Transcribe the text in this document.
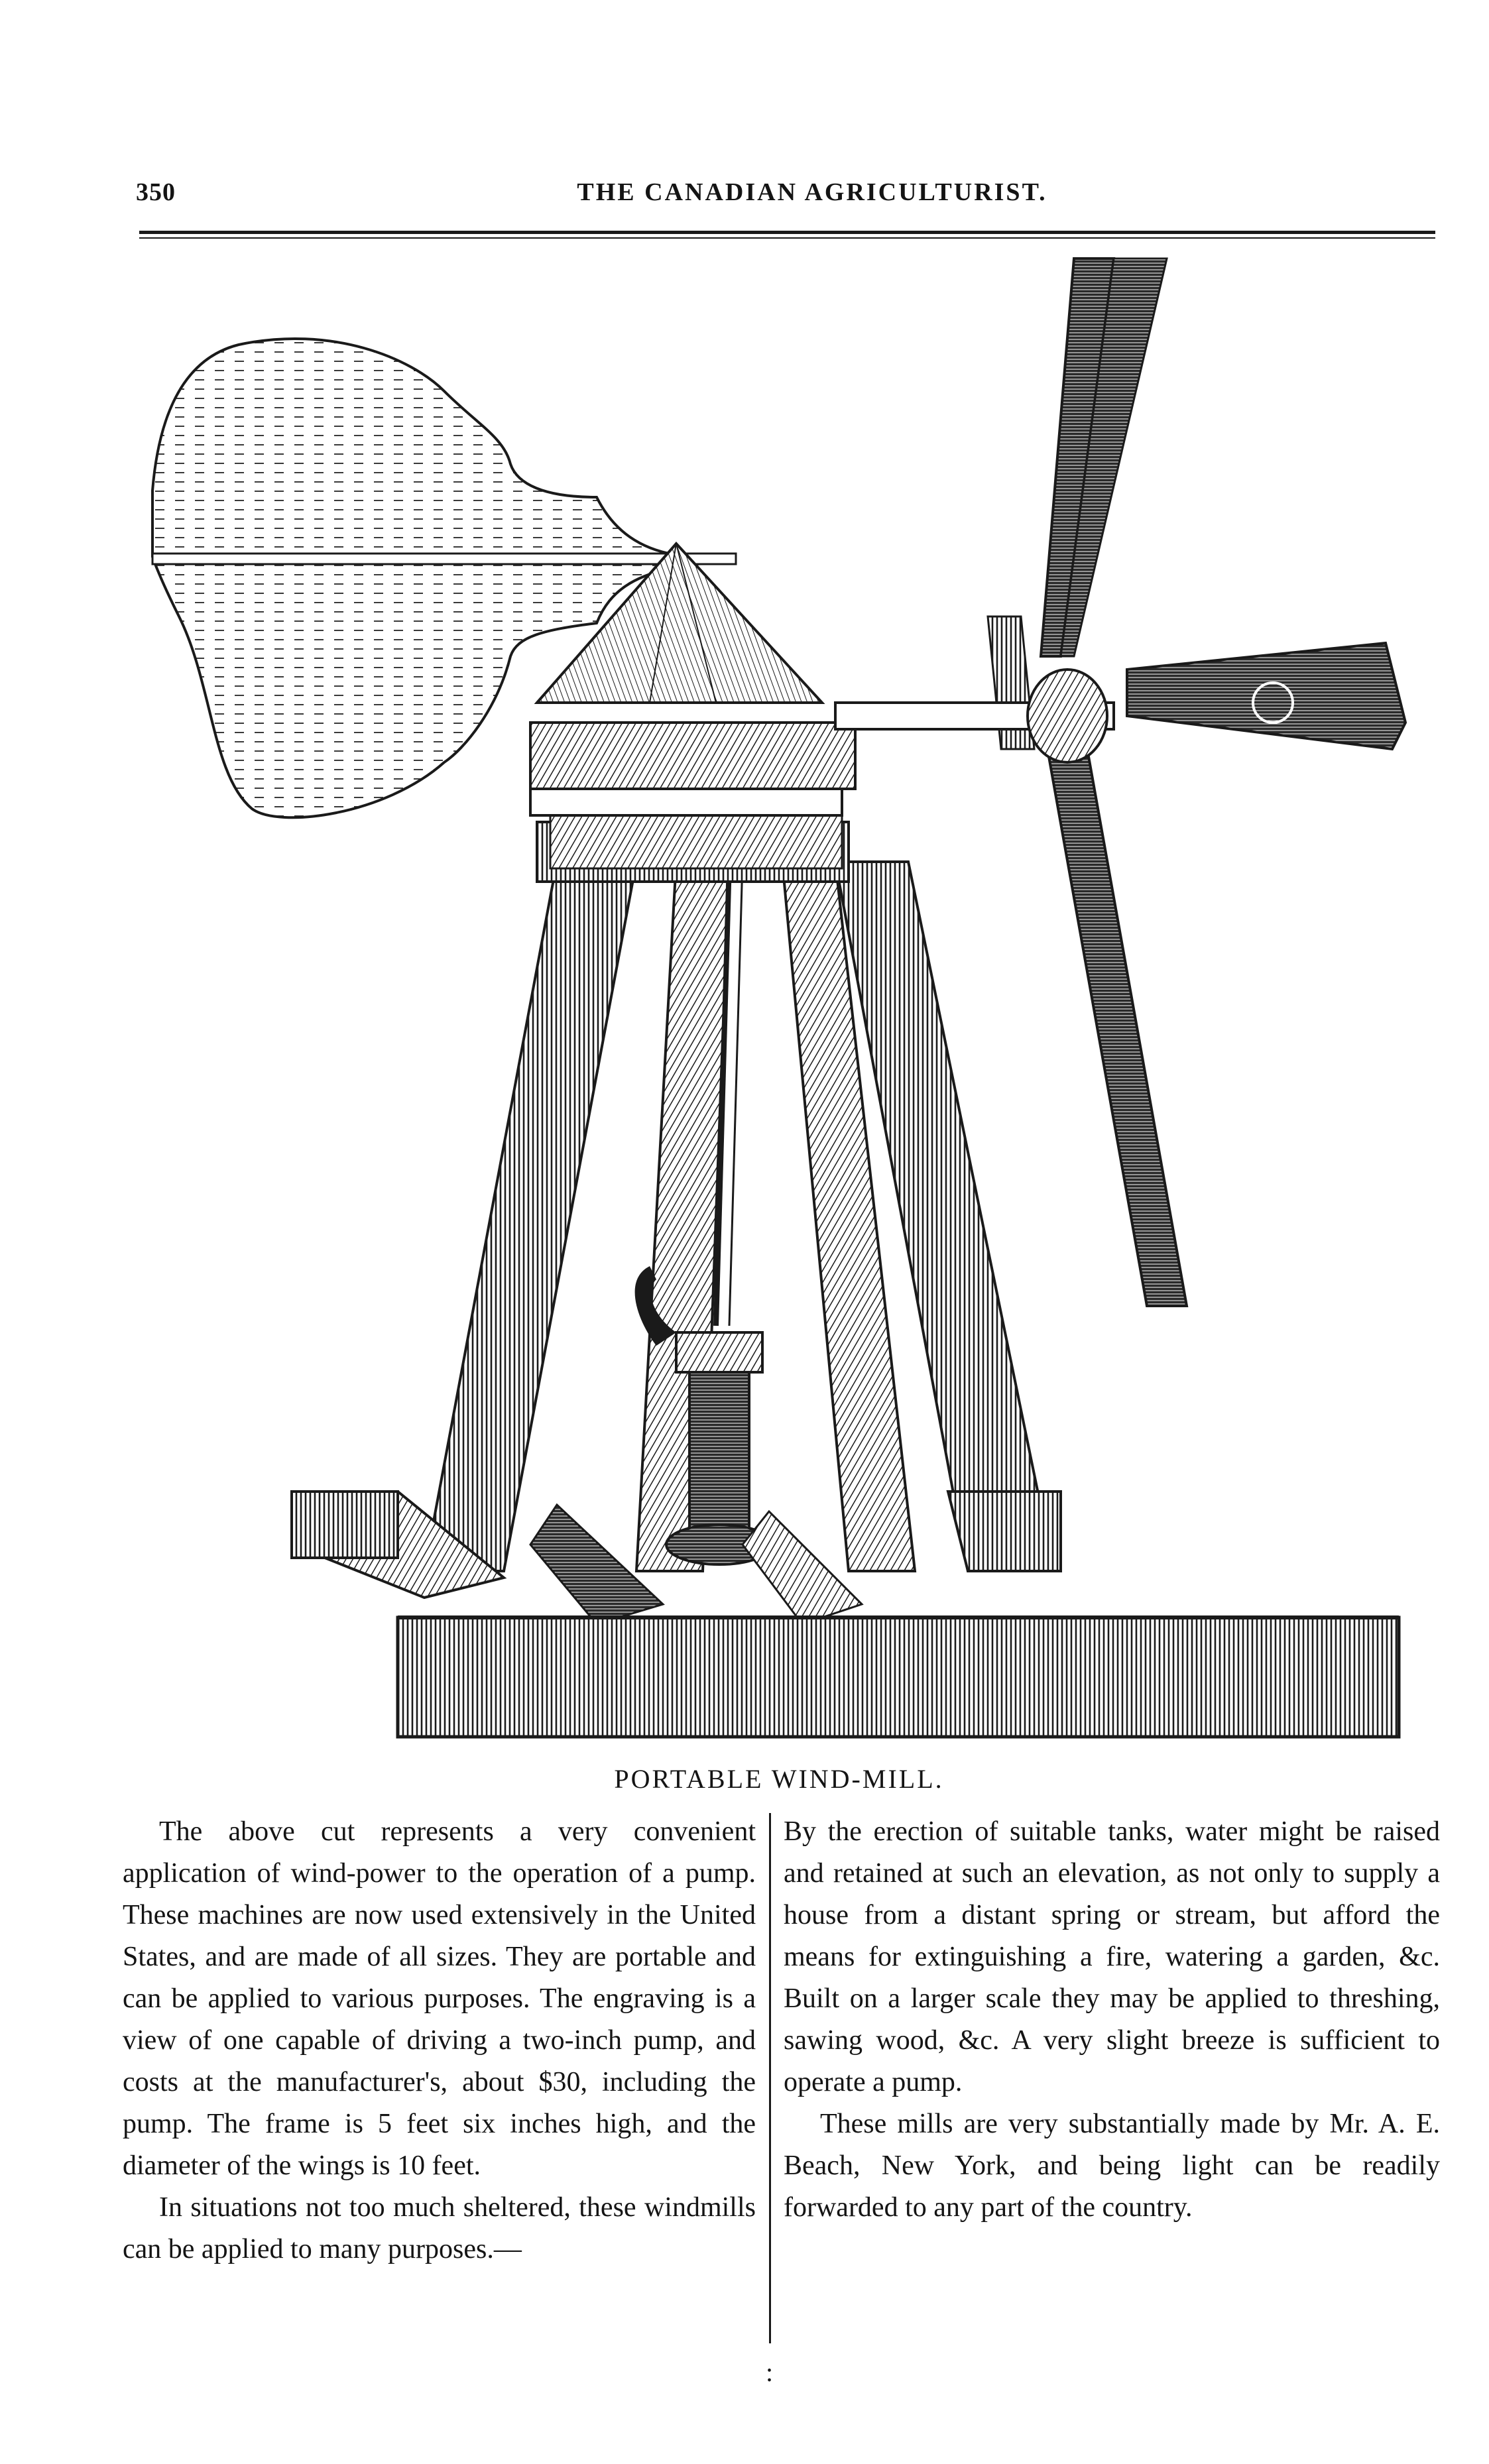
350	THE CANADIAN AGRICULTURIST.
PORTABLE WIND-MILL.

The above cut represents a very convenient application of wind-power to the operation of a pump. These machines are now used extensively in the United States, and are made of all sizes. They are portable and can be applied to various purposes. The engraving is a view of one capable of driving a two-inch pump, and costs at the manufacturer's, about $30, including the pump. The frame is 5 feet six inches high, and the diameter of the wings is 10 feet.

In situations not too much sheltered, these windmills can be applied to many purposes.—

By the erection of suitable tanks, water might be raised and retained at such an elevation, as not only to supply a house from a distant spring or stream, but afford the means for extinguishing a fire, watering a garden, &c. Built on a larger scale they may be applied to threshing, sawing wood, &c. A very slight breeze is sufficient to operate a pump.

These mills are very substantially made by Mr. A. E. Beach, New York, and being light can be readily forwarded to any part of the country.

:
